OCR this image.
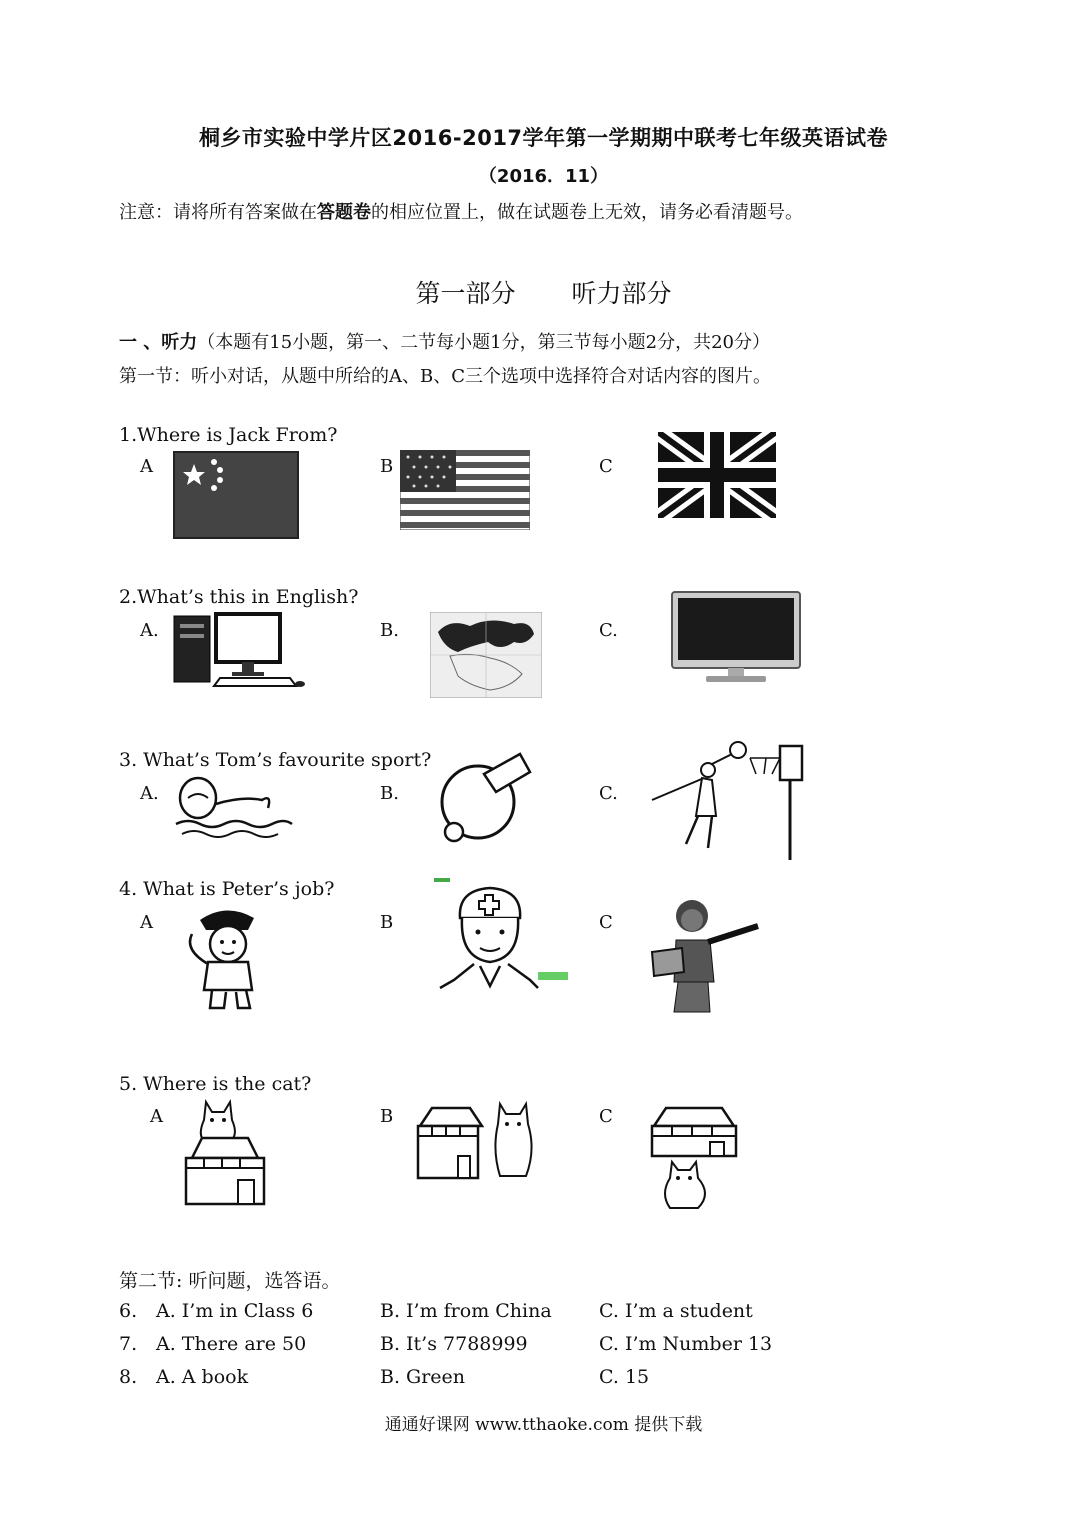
桐乡市实验中学片区2016-2017学年第一学期期中联考七年级英语试卷
（2016．11）
注意：请将所有答案做在答题卷的相应位置上，做在试题卷上无效，请务必看清题号。
第一部分 听力部分
一 、听力（本题有15小题，第一、二节每小题1分，第三节每小题2分，共20分）
第一节：听小对话，从题中所给的A、B、C三个选项中选择符合对话内容的图片。
1.Where is Jack From?
A	B	C
2.What’s this in English?
A.	B.	C.
3. What’s Tom’s favourite sport?
A.	B.	C.
4. What is Peter’s job?
A	B	C
5. Where is the cat?
A	B	C
第二节: 听问题，选答语。
6. A. I’m in Class 6	B. I’m from China C. I’m a student
7. A. There are 50	B. It’s 7788999	C. I’m Number 13
8. A. A book	B. Green	C. 15
通通好课网 www.tthaoke.com 提供下载
